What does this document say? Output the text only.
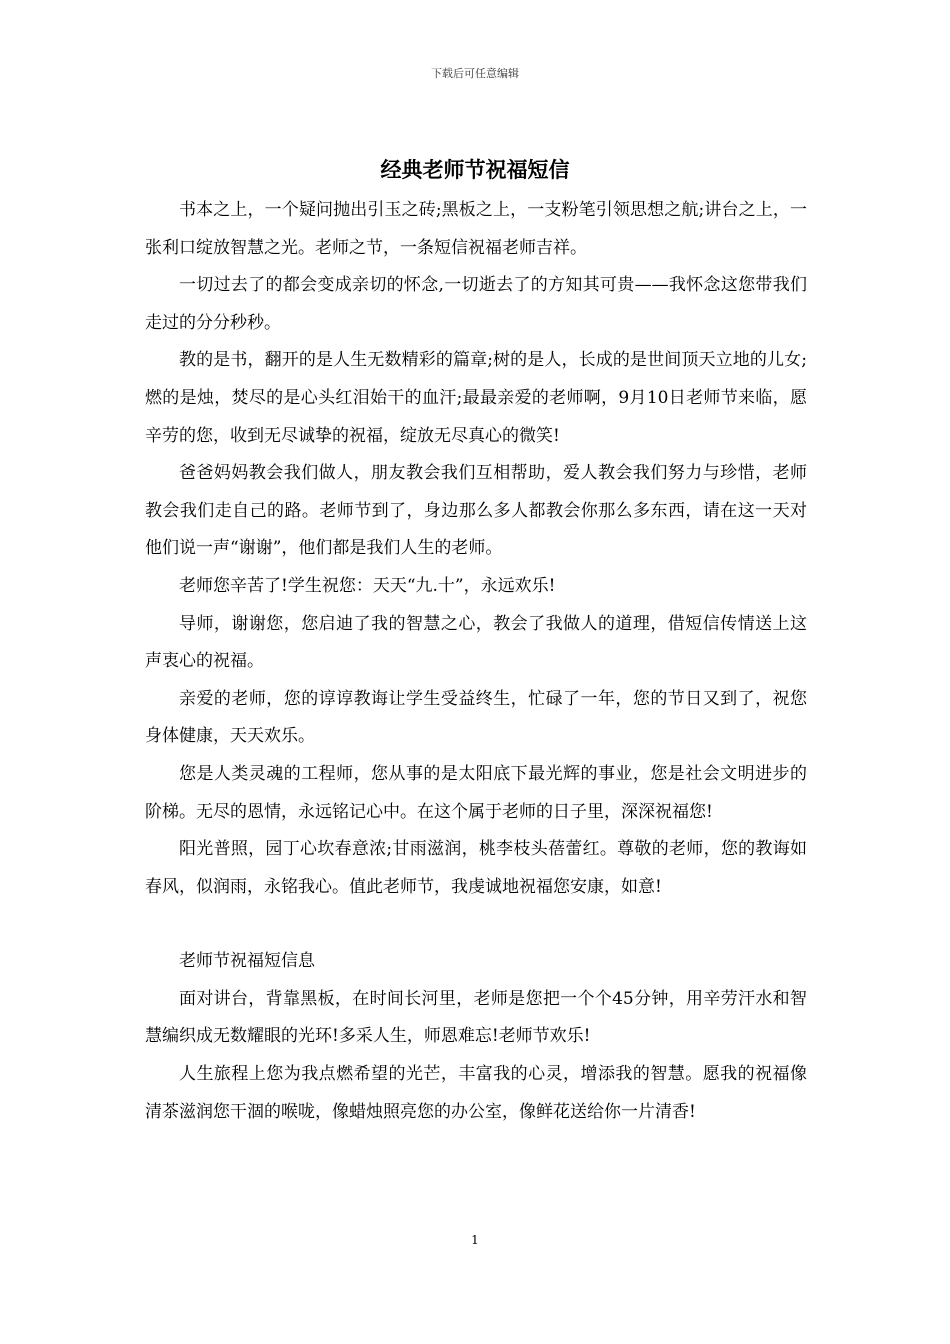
下载后可任意编辑
经典老师节祝福短信

书本之上，一个疑问抛出引玉之砖;黑板之上，一支粉笔引领思想之航;讲台之上，一张利口绽放智慧之光。老师之节，一条短信祝福老师吉祥。

一切过去了的都会变成亲切的怀念,一切逝去了的方知其可贵——我怀念这您带我们走过的分分秒秒。

教的是书，翻开的是人生无数精彩的篇章;树的是人，长成的是世间顶天立地的儿女;燃的是烛，焚尽的是心头红泪始干的血汗;最最亲爱的老师啊，9月10日老师节来临，愿辛劳的您，收到无尽诚挚的祝福，绽放无尽真心的微笑!

爸爸妈妈教会我们做人，朋友教会我们互相帮助，爱人教会我们努力与珍惜，老师教会我们走自己的路。老师节到了，身边那么多人都教会你那么多东西，请在这一天对他们说一声“谢谢”，他们都是我们人生的老师。

老师您辛苦了!学生祝您：天天“九.十”，永远欢乐!

导师，谢谢您，您启迪了我的智慧之心，教会了我做人的道理，借短信传情送上这声衷心的祝福。

亲爱的老师，您的谆谆教诲让学生受益终生，忙碌了一年，您的节日又到了，祝您身体健康，天天欢乐。

您是人类灵魂的工程师，您从事的是太阳底下最光辉的事业，您是社会文明进步的阶梯。无尽的恩情，永远铭记心中。在这个属于老师的日子里，深深祝福您!

阳光普照，园丁心坎春意浓;甘雨滋润，桃李枝头蓓蕾红。尊敬的老师，您的教诲如春风，似润雨，永铭我心。值此老师节，我虔诚地祝福您安康，如意!

老师节祝福短信息

面对讲台，背靠黑板，在时间长河里，老师是您把一个个45分钟，用辛劳汗水和智慧编织成无数耀眼的光环!多采人生，师恩难忘!老师节欢乐!

人生旅程上您为我点燃希望的光芒，丰富我的心灵，增添我的智慧。愿我的祝福像清茶滋润您干涸的喉咙，像蜡烛照亮您的办公室，像鲜花送给你一片清香!

1
